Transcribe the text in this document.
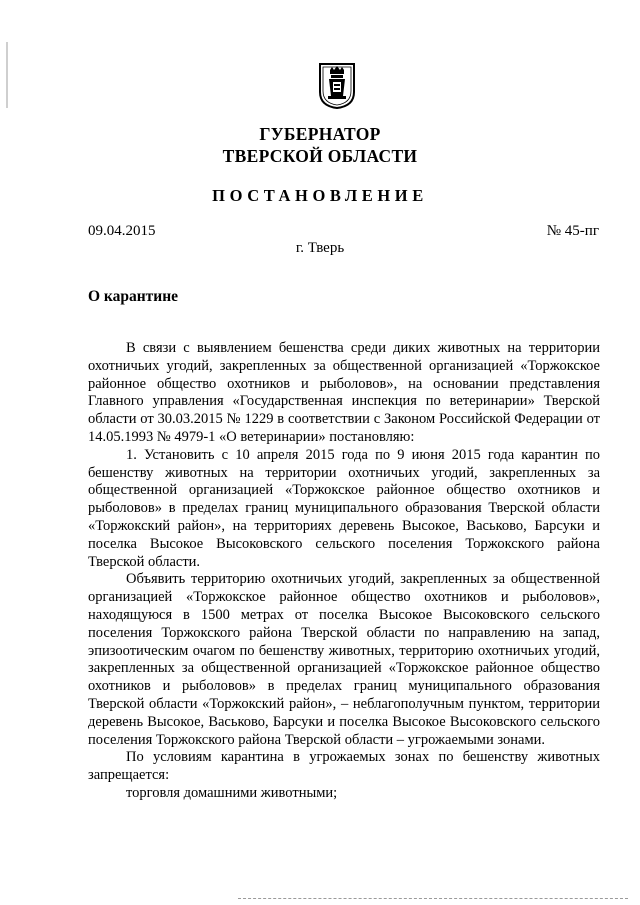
ГУБЕРНАТОР
ТВЕРСКОЙ ОБЛАСТИ
ПОСТАНОВЛЕНИЕ
09.04.2015	№ 45-пг
г. Тверь
О карантине

В связи с выявлением бешенства среди диких животных на территории охотничьих угодий, закрепленных за общественной организацией «Торжокское районное общество охотников и рыболовов», на основании представления Главного управления «Государственная инспекция по ветеринарии» Тверской области от 30.03.2015 № 1229 в соответствии с Законом Российской Федерации от 14.05.1993 № 4979-1 «О ветеринарии» постановляю:

1. Установить с 10 апреля 2015 года по 9 июня 2015 года карантин по бешенству животных на территории охотничьих угодий, закрепленных за общественной организацией «Торжокское районное общество охотников и рыболовов» в пределах границ муниципального образования Тверской области «Торжокский район», на территориях деревень Высокое, Васьково, Барсуки и поселка Высокое Высоковского сельского поселения Торжокского района Тверской области.

Объявить территорию охотничьих угодий, закрепленных за общественной организацией «Торжокское районное общество охотников и рыболовов», находящуюся в 1500 метрах от поселка Высокое Высоковского сельского поселения Торжокского района Тверской области по направлению на запад, эпизоотическим очагом по бешенству животных, территорию охотничьих угодий, закрепленных за общественной организацией «Торжокское районное общество охотников и рыболовов» в пределах границ муниципального образования Тверской области «Торжокский район», – неблагополучным пунктом, территории деревень Высокое, Васьково, Барсуки и поселка Высокое Высоковского сельского поселения Торжокского района Тверской области – угрожаемыми зонами.

По условиям карантина в угрожаемых зонах по бешенству животных запрещается:

торговля домашними животными;
